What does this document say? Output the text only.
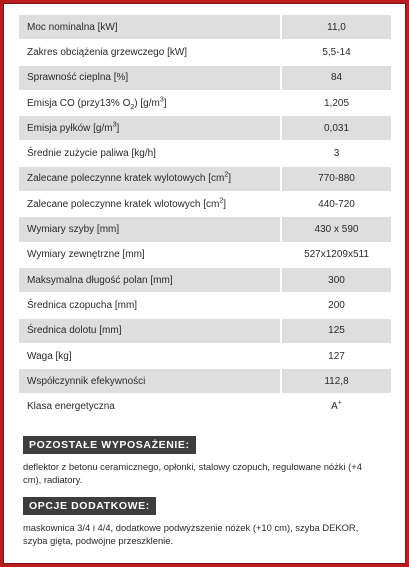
Moc nominalna [kW]	11,0
Zakres obciążenia grzewczego [kW]	5,5-14
Sprawność cieplna [%]	84
Emisja CO (przy13% $O_2$) $[g/m^3]$	1,205
Emisja pyłków $[g/m^3]$	0,031
Średnie zużycie paliwa [kg/h]	3
Zalecane poleczynne kratek wylotowych $[cm^2]$	770-880
Zalecane poleczynne kratek wlotowych $[cm^2]$	440-720
Wymiary szyby [mm]	430 x 590
Wymiary zewnętrzne [mm]	527x1209x511
Maksymalna długość polan [mm]	300
Średnica czopucha [mm]	200
Średnica dolotu [mm]	125
Waga [kg]	127
Współczynnik efekywności	112,8
Klasa energetyczna	A+
POZOSTAŁE WYPOSAŻENIE:
deflektor z betonu ceramicznego, opłonki, stalowy czopuch, regulowane nóżki (+4 cm), radiatory.
OPCJE DODATKOWE:
maskownica 3/4 i 4/4, dodatkowe podwyższenie nóżek (+10 cm), szyba DEKOR, szyba gięta, podwójne przeszklenie.
